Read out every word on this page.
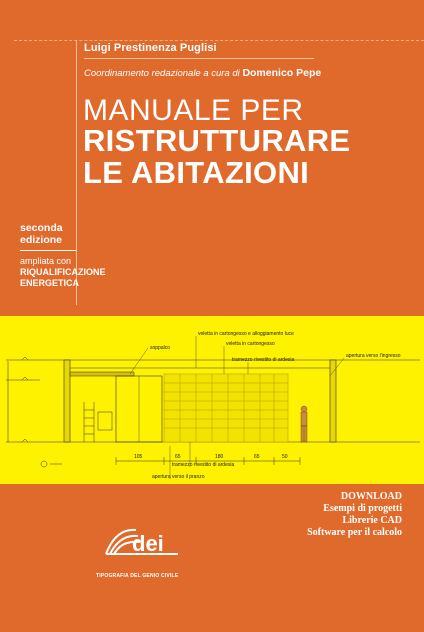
Luigi Prestinenza Puglisi
Coordinamento redazionale a cura di Domenico Pepe
MANUALE PER
RISTRUTTURARE
LE ABITAZIONI
seconda
edizione
ampliata con
RIQUALIFICAZIONE
ENERGETICA
veletta in cartongesso e alloggiamento luce
veletta in cartongesso
soppalco
tramezzo rivestito di ardesia
apertura verso l'ingresso
tramezzo rivestito di ardesia
apertura verso il pranzo
105	65	180	65	50
DOWNLOAD
Esempi di progetti
Librerie CAD
Software per il calcolo
dei
TIPOGRAFIA DEL GENIO CIVILE
